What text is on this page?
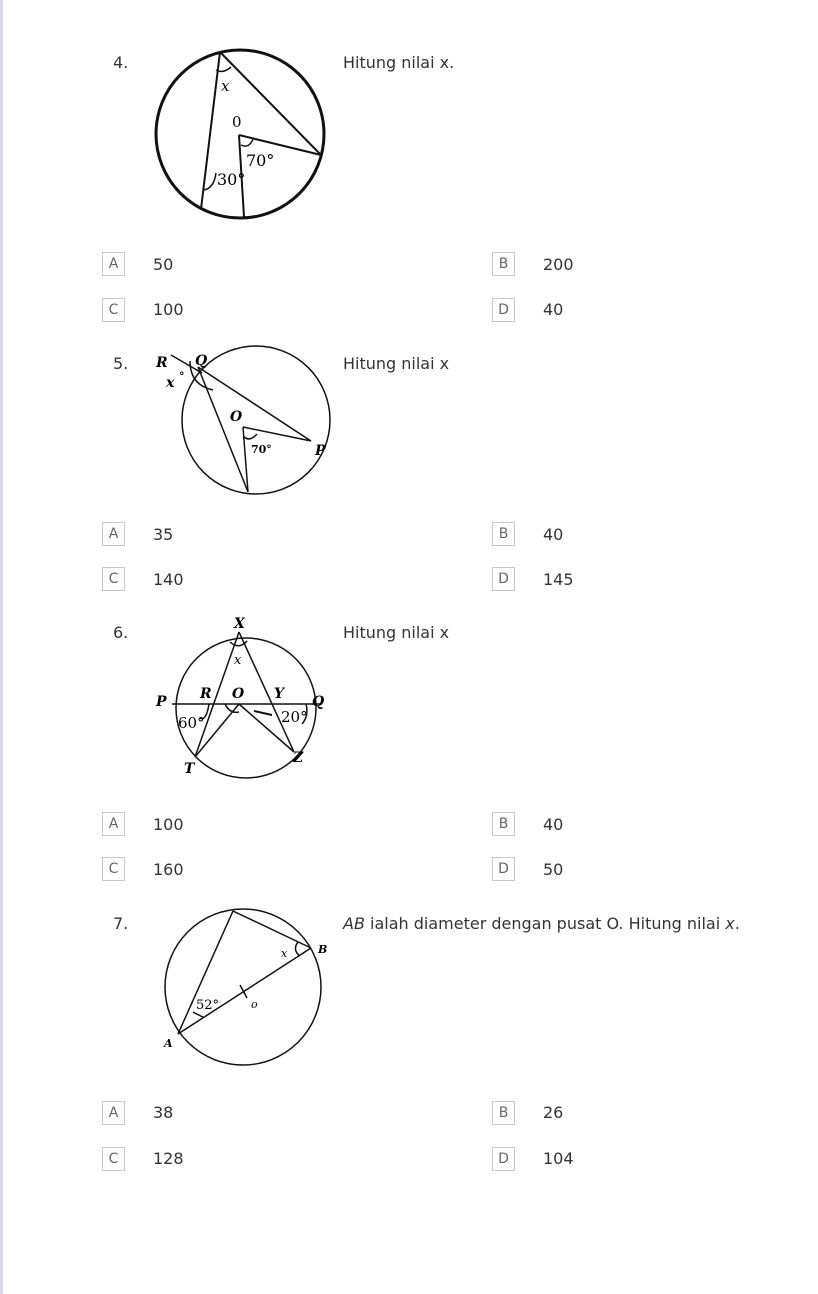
4.	Hitung nilai x.
x
0
70°
30°
A	50	B	200
C	100	D	40
5.	Hitung nilai x
R Q
x °
O
70°	P
A	35	B	40
C	140	D	145
6.	Hitung nilai x
X
x
P R O Y Q
60°	20°
T
Z
A	100	B	40
C	160	D	50
7.	AB ialah diameter dengan pusat O. Hitung nilai x.
x	B
52°	o
A
A	38	B	26
C	128	D	104
